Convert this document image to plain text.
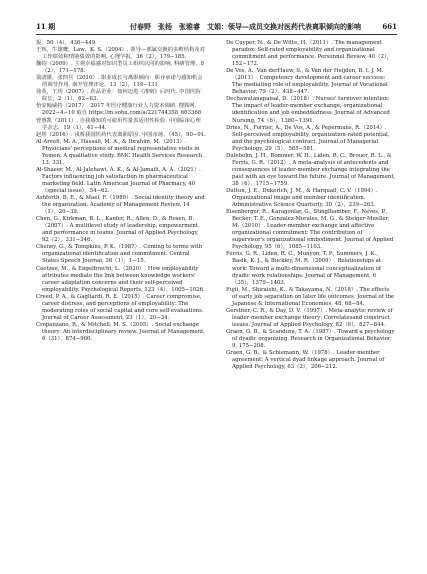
11 期	付春野　张杨　张雅睿　艾娟：领导—成员交换对医药代表离职倾向的影响	661

报，50（4），436−449.

王辉，牛雄鹰，Law，K. S.（2004）. 领导—部属交换的多维结构及对工作绩效和情境绩效的影响. 心理学报，36（2），179−185.

魏钧（2009）. 主观幸福感对知识型员工组织认同的影响. 科研管理，8（2），171−178.

翁清雄，张四旦（2010）. 职业成长与离职倾向：职业承诺与感知机会的调节作用. 南开管理评论，13（2），119−131.

徐英，王玥（2007）. 药品企业：如何迈进《准则》后时代. 中国医院院长，2（1），62−63.

怡安翰威特（2017）. 2017 年医疗健康行业人力资本调研. 搜狐网. 2022−4−10 取自 https://m.sohu.com/a/221744358_663368

曾惠凯（2011）. 自我感知的可雇用性量表适用性检验. 中国临床心理学杂志，19（1），41−44.

赵彤（2016）. 浅析我国医药代表离职原因. 中国市场，（45），90−91.

Al-Areefi, M. A., Hassali, M. A., & Ibrahim, M.（2013）. Physicians' perceptions of medical representative visits in Yemen: A qualitative study. BMC Health Services Research, 13, 331.

Al-Shaeer, M., Al-Jalehawi, A. K., & Al-Jamaili, A. A.（2021）. Factors influencing job satisfaction in pharmaceutical marketing field. Latin American Journal of Pharmacy, 40（special issue），54−62.

Ashforth, B. E., & Mael, F.（1989）. Social identity theory and the organization. Academy of Management Review, 14（1），20−39.

Chen, G., Kirkman, B. L., Kanfer, R., Allen, D., & Rosen, B.（2007）. A multilevel study of leadership, empowerment, and performance in teams. Journal of Applied Psychology, 92（2），331−346.

Cheney, G., & Tompkins, P. K.（1987）. Coming to terms with organizational identification and commitment. Central States Speech Journal, 38（1），1−15.

Coetzee, M., & Engelbrecht, L.（2020）. How employability attributes mediate the link between knowledge workers' career adaptation concerns and their self-perceived employability. Psychological Reports, 123（4），1005−1026.

Creed, P. A., & Gagliardi, R. E.（2015）. Career compromise, career distress, and perceptions of employability: The moderating roles of social capital and core self-evaluations. Journal of Career Assessment, 23（1），20−34.

Cropanzano, R., & Mitchell, M. S.（2005）. Social exchange theory: An interdisciplinary review. Journal of Management, 6（31），874−900.

De Cuyper, N., & De Witte, H.（2011）. The management paradox: Self-rated employability and organizational commitment and performance. Personnel Review, 40（2），152−172.

De Vos, A., Van derHauw, S., & Van der Heijden, B. I. J. M.（2011）. Competency development and career success: The mediating role of employability. Journal of Vocational Behavior, 79（2），438−447.

Dechawatanapaisal, D.（2018）. Nurses' turnover intention: The impact of leader-member exchange, organizational identification and job embeddedness. Journal of Advanced Nursing, 74（6），1380−1391.

Dries, N., Forrier, A., De Vos, A., & Pepermans, R.（2014）. Self-perceived employability, organization-rated potential, and the psychological contract. Journal of Managerial Psychology, 29（5），565−581.

Dulebohn, J. H., Bommer, W. H., Liden, R. C., Brouer, R. L., & Ferris, G. R.（2012）. A meta-analysis of antecedents and consequences of leader-member exchange integrating the past with an eye toward the future. Journal of Management, 38（6），1715−1759.

Dutton, J. E., Dukerich, J. M., & Harquail, C. V.（1994）. Organizational image and member identification. Administrative Science Quarterly, 39（2），239−263.

Eisenberger, R., Karagonlar, G., Stinglhamber, F., Neves, P., Becker, T. E., Gonzalez-Morales, M. G., & Steiger-Mueller, M.（2010）. Leader-member exchange and affective organizational commitment: The contribution of supervisor's organizational embodiment. Journal of Applied Psychology, 95（6），1085−1103.

Ferris, G. R., Liden, R. C., Munyon, T. P., Summers, J. K., Basik, K. J., & Buckley, M. R.（2009）. Relationships at work: Toward a multi-dimensional conceptualization of dyadic work relationships. Journal of Management, 6（35），1379−1403.

Fujii, M., Shiraishi, K., & Takayama, N.（2018）. The effects of early job separation on later life outcomes. Journal of the Japanese & International Economies, 48, 68−84.

Gerstner, C. R., & Day, D. V.（1997）. Meta-analytic review of leader-member exchange theory: Correlatesand construct issues. Journal of Applied Psychology, 82（6），827−844.

Graen, G. B., & Scandura, T. A.（1987）. Toward a psychology of dyadic organizing. Research in Organizational Behavior, 9, 175−208.

Graen, G. B., & Schiemann, W.（1978）. Leader-member agreement: A vertical dyad linkage approach. Journal of Applied Psychology, 63（2），206−212.
